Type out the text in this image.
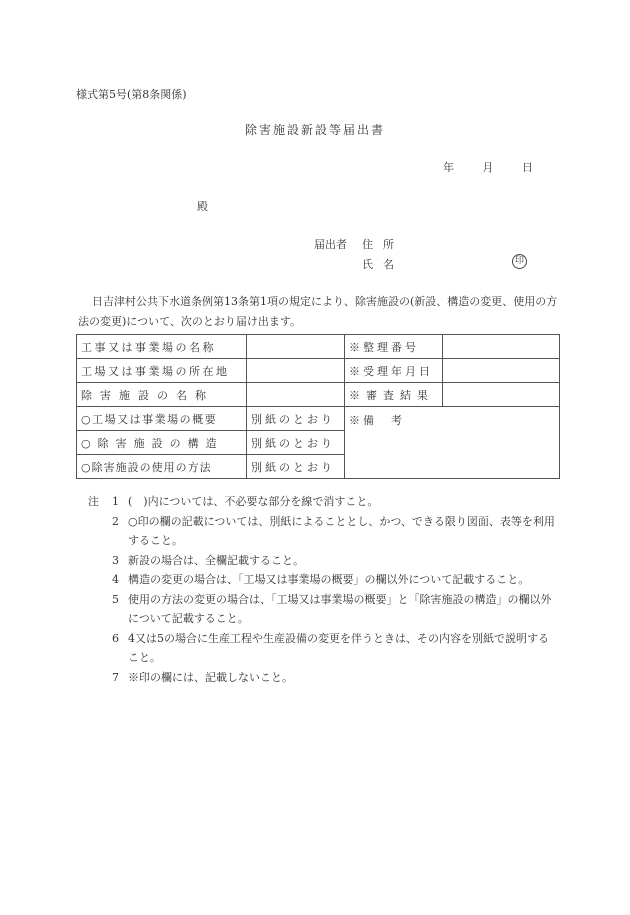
様式第5号(第8条関係)
除害施設新設等届出書
年	月	日
殿
届出者 住所
氏名	印
日吉津村公共下水道条例第13条第1項の規定により、除害施設の(新設、構造の変更、使用の方法の変更)について、次のとおり届け出ます。
工事又は事業場の名称		※整理番号	
工場又は事業場の所在地		※受理年月日	
除害施設の名称		※審査結果	
○工場又は事業場の概要	別紙のとおり	※備　考	
○除害施設の構造	別紙のとおり		
○除害施設の使用の方法	別紙のとおり		
注 1 (　)内については、不必要な部分を線で消すこと。
2 ○印の欄の記載については、別紙によることとし、かつ、できる限り図面、表等を利用すること。
3 新設の場合は、全欄記載すること。
4 構造の変更の場合は、「工場又は事業場の概要」の欄以外について記載すること。
5 使用の方法の変更の場合は、「工場又は事業場の概要」と「除害施設の構造」の欄以外について記載すること。
6 4又は5の場合に生産工程や生産設備の変更を伴うときは、その内容を別紙で説明すること。
7 ※印の欄には、記載しないこと。
